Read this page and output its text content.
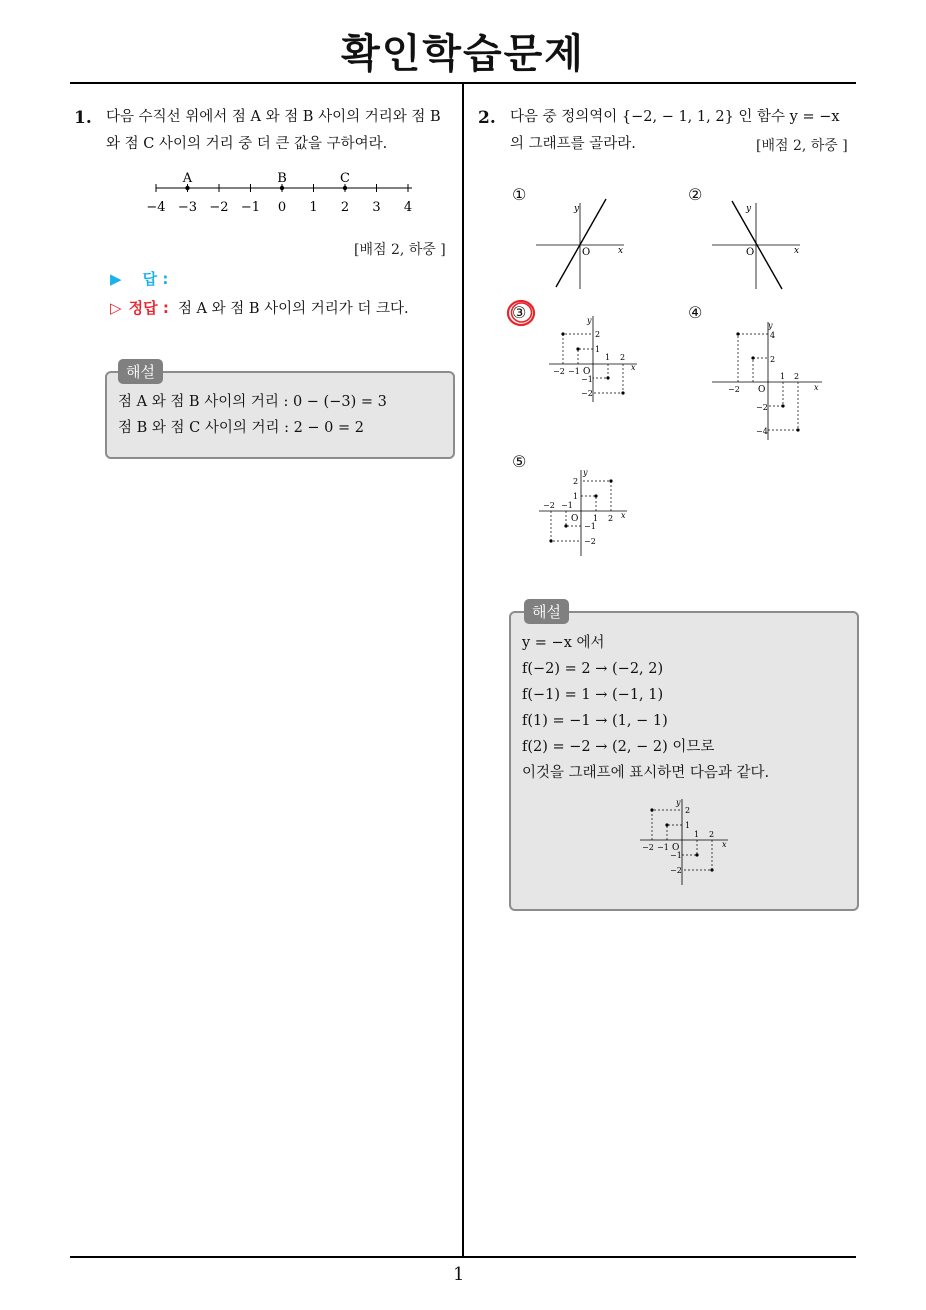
확인학습문제
1
1. 다음 수직선 위에서 점 A 와 점 B 사이의 거리와 점 B
와 점 C 사이의 거리 중 더 큰 값을 구하여라.
−4 −3 −2 −1 0 1 2 3 4
A	B	C
[배점 2, 하중 ]
▶ 답 :
▷ 정답 : 점 A 와 점 B 사이의 거리가 더 크다.
해설
점 A 와 점 B 사이의 거리 : 0 − (−3) = 3
점 B 와 점 C 사이의 거리 : 2 − 0 = 2
2. 다음 중 정의역이 {−2, − 1, 1, 2} 인 함수 y = −x
의 그래프를 골라라.	[배점 2, 하중 ]
①	②
③	④
⑤
y
x
O
y
x
O
y
x
2
1
O
−2 −1
1 2
−1
−2
y
x
4
2
O
−2
1 2
−2
−4
y
x
2
1
−2 −1
O 1 2
−1
−2
해설
y = −x 에서
f(−2) = 2 → (−2, 2)
f(−1) = 1 → (−1, 1)
f(1) = −1 → (1, − 1)
f(2) = −2 → (2, − 2) 이므로
이것을 그래프에 표시하면 다음과 같다.
y
x
2
1
O
−2 −1
1 2
−1
−2
